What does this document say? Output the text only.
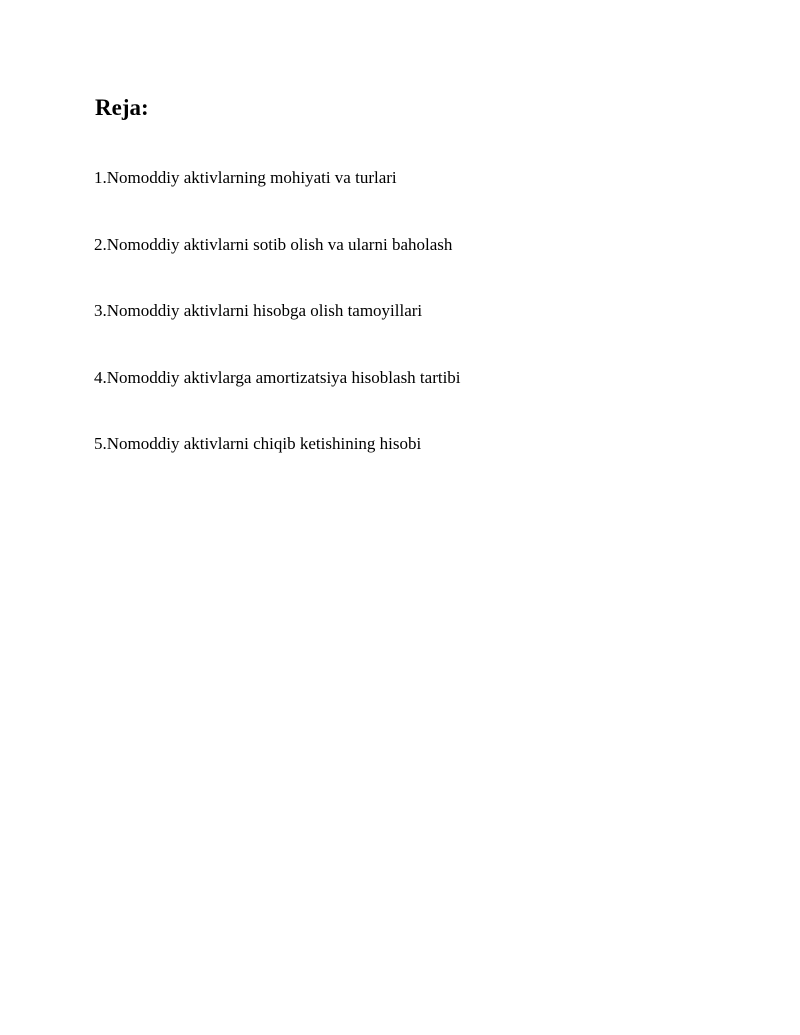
Reja:
1.Nomoddiy aktivlarning mohiyati va turlari
2.Nomoddiy aktivlarni sotib olish va ularni baholash
3.Nomoddiy aktivlarni hisobga olish tamoyillari
4.Nomoddiy aktivlarga amortizatsiya hisoblash tartibi
5.Nomoddiy aktivlarni chiqib ketishining hisobi
